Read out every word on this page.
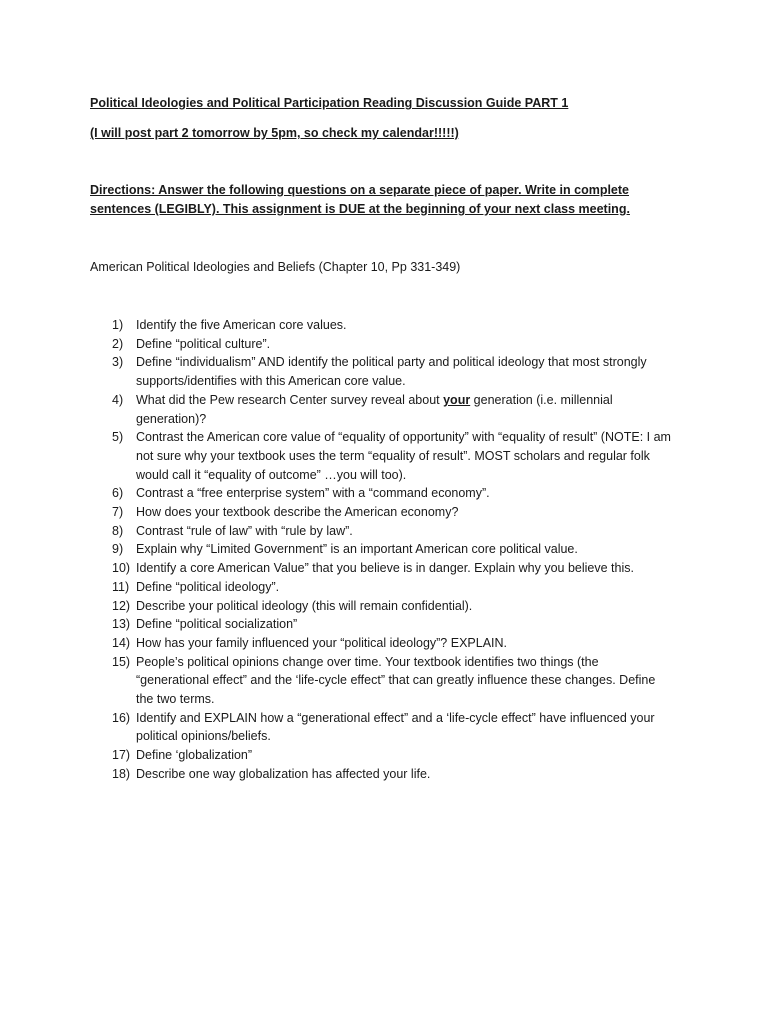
Political Ideologies and Political Participation Reading Discussion Guide PART 1
(I will post part 2 tomorrow by 5pm, so check my calendar!!!!!)
Directions: Answer the following questions on a separate piece of paper. Write in complete sentences (LEGIBLY). This assignment is DUE at the beginning of your next class meeting.
American Political Ideologies and Beliefs (Chapter 10, Pp 331-349)
1)	Identify the five American core values.
2)	Define “political culture”.
3)	Define “individualism” AND identify the political party and political ideology that most strongly supports/identifies with this American core value.
4)	What did the Pew research Center survey reveal about your generation (i.e. millennial generation)?
5)	Contrast the American core value of “equality of opportunity” with “equality of result” (NOTE: I am not sure why your textbook uses the term “equality of result”. MOST scholars and regular folk would call it “equality of outcome” …you will too).
6)	Contrast a “free enterprise system” with a “command economy”.
7)	How does your textbook describe the American economy?
8)	Contrast “rule of law” with “rule by law”.
9)	Explain why “Limited Government” is an important American core political value.
10) Identify a core American Value” that you believe is in danger. Explain why you believe this.
11) Define “political ideology”.
12) Describe your political ideology (this will remain confidential).
13) Define “political socialization”
14) How has your family influenced your “political ideology”? EXPLAIN.
15) People’s political opinions change over time. Your textbook identifies two things (the “generational effect” and the ‘life-cycle effect” that can greatly influence these changes. Define the two terms.
16) Identify and EXPLAIN how a “generational effect” and a ‘life-cycle effect” have influenced your political opinions/beliefs.
17) Define ‘globalization”
18) Describe one way globalization has affected your life.
